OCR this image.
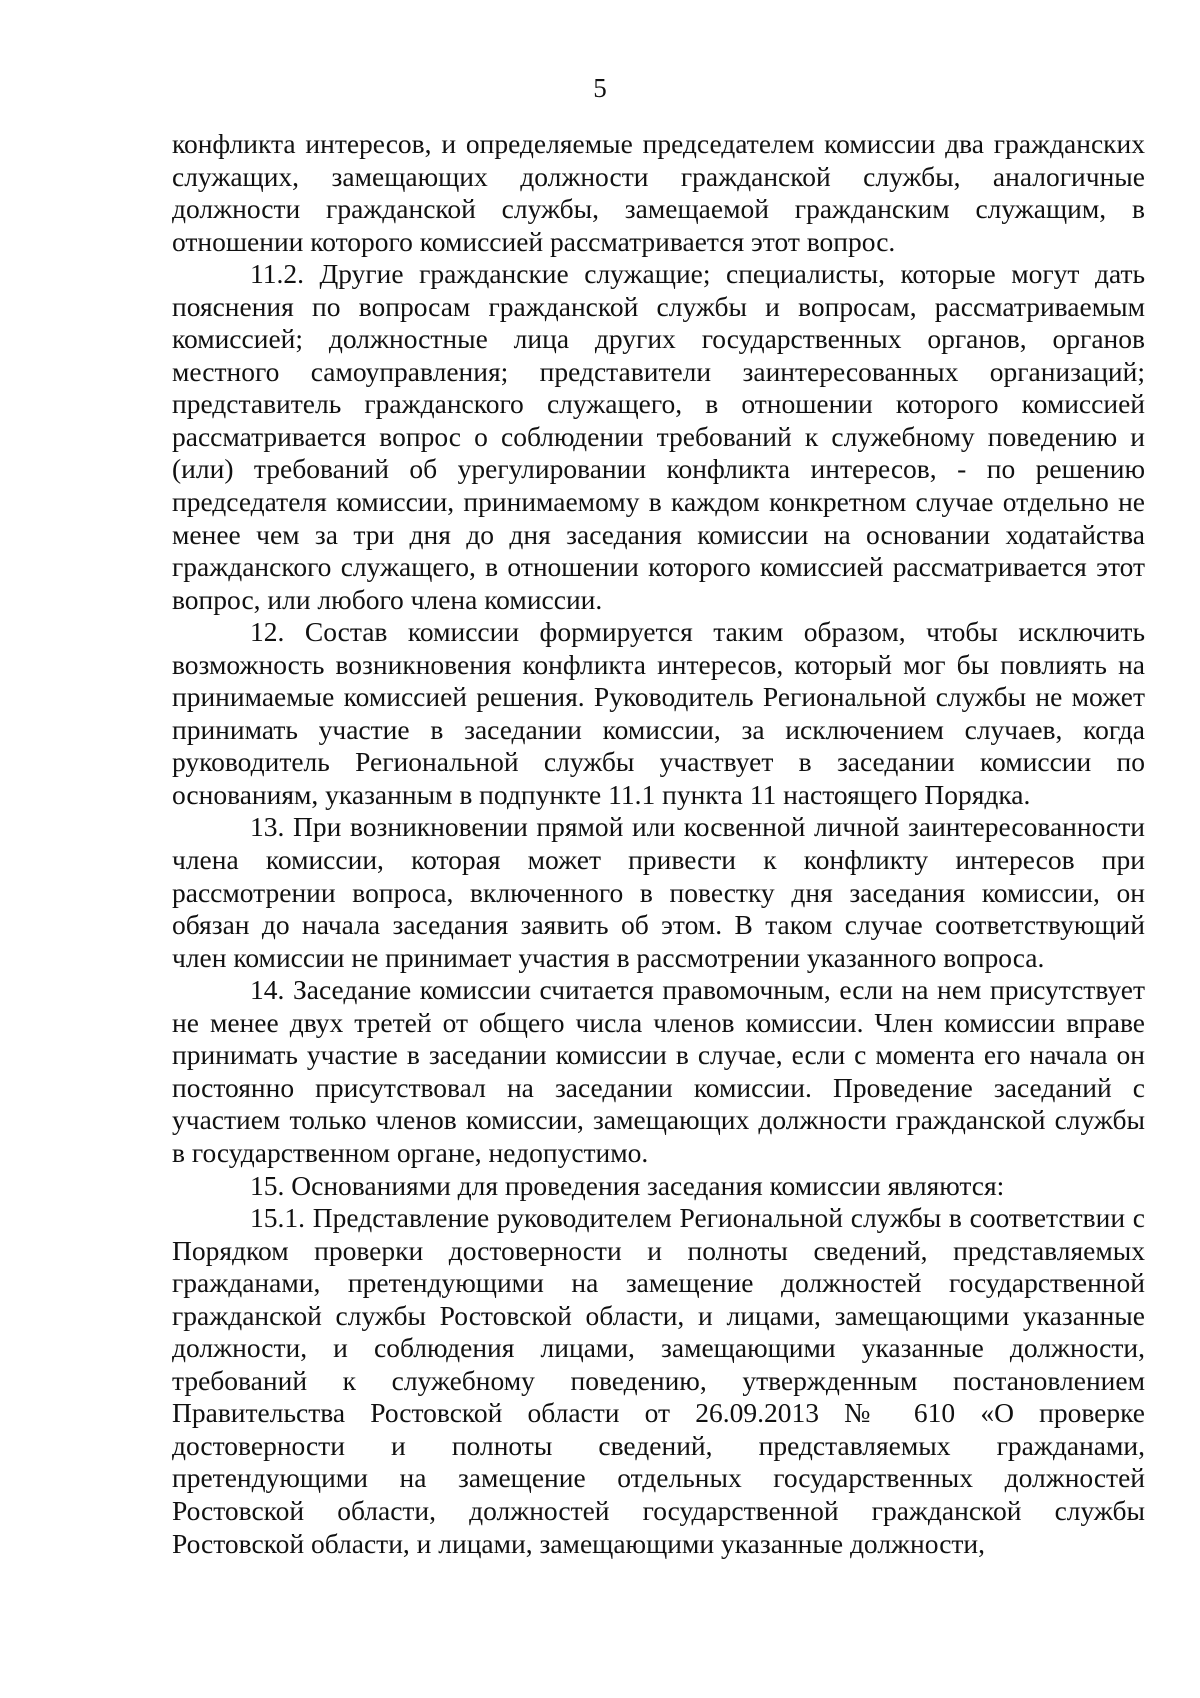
5

конфликта интересов, и определяемые председателем комиссии два гражданских служащих, замещающих должности гражданской службы, аналогичные должности гражданской службы, замещаемой гражданским служащим, в отношении которого комиссией рассматривается этот вопрос.

11.2. Другие гражданские служащие; специалисты, которые могут дать пояснения по вопросам гражданской службы и вопросам, рассматриваемым комиссией; должностные лица других государственных органов, органов местного самоуправления; представители заинтересованных организаций; представитель гражданского служащего, в отношении которого комиссией рассматривается вопрос о соблюдении требований к служебному поведению и (или) требований об урегулировании конфликта интересов, - по решению председателя комиссии, принимаемому в каждом конкретном случае отдельно не менее чем за три дня до дня заседания комиссии на основании ходатайства гражданского служащего, в отношении которого комиссией рассматривается этот вопрос, или любого члена комиссии.

12. Состав комиссии формируется таким образом, чтобы исключить возможность возникновения конфликта интересов, который мог бы повлиять на принимаемые комиссией решения. Руководитель Региональной службы не может принимать участие в заседании комиссии, за исключением случаев, когда руководитель Региональной службы участвует в заседании комиссии по основаниям, указанным в подпункте 11.1 пункта 11 настоящего Порядка.

13. При возникновении прямой или косвенной личной заинтересованности члена комиссии, которая может привести к конфликту интересов при рассмотрении вопроса, включенного в повестку дня заседания комиссии, он обязан до начала заседания заявить об этом. В таком случае соответствующий член комиссии не принимает участия в рассмотрении указанного вопроса.

14. Заседание комиссии считается правомочным, если на нем присутствует не менее двух третей от общего числа членов комиссии. Член комиссии вправе принимать участие в заседании комиссии в случае, если с момента его начала он постоянно присутствовал на заседании комиссии. Проведение заседаний с участием только членов комиссии, замещающих должности гражданской службы в государственном органе, недопустимо.

15. Основаниями для проведения заседания комиссии являются:

15.1. Представление руководителем Региональной службы в соответствии с Порядком проверки достоверности и полноты сведений, представляемых гражданами, претендующими на замещение должностей государственной гражданской службы Ростовской области, и лицами, замещающими указанные должности, и соблюдения лицами, замещающими указанные должности, требований к служебному поведению, утвержденным постановлением Правительства Ростовской области от 26.09.2013 № 610 «О проверке достоверности и полноты сведений, представляемых гражданами, претендующими на замещение отдельных государственных должностей Ростовской области, должностей государственной гражданской службы Ростовской области, и лицами, замещающими указанные должности,
